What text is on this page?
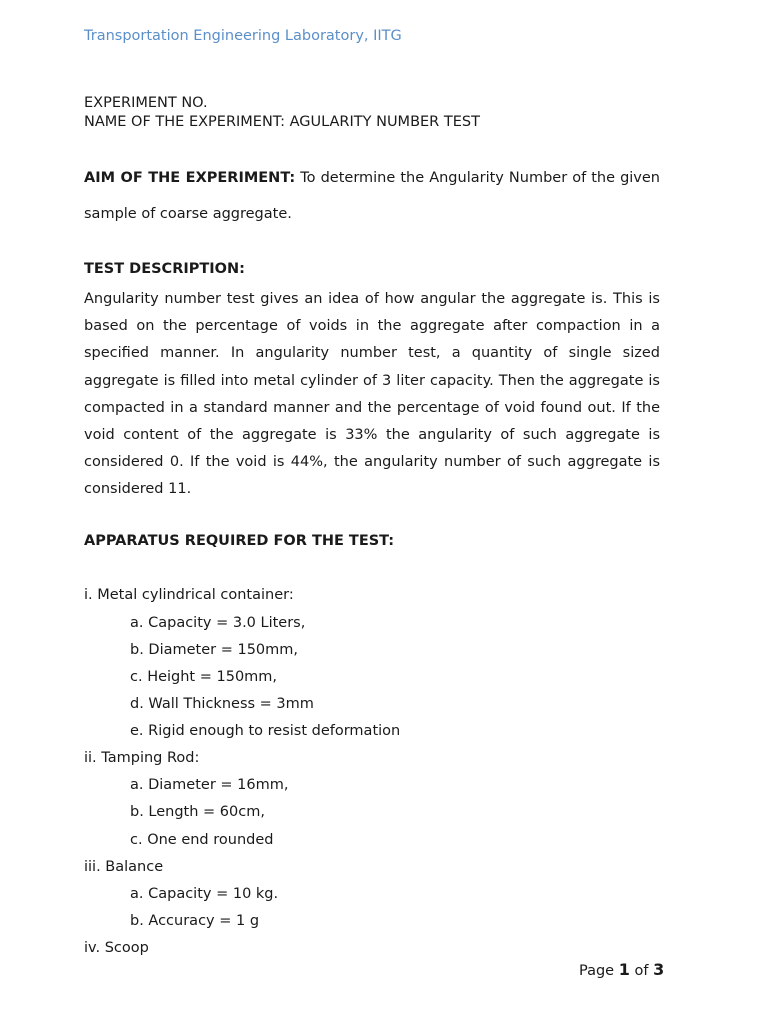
Transportation Engineering Laboratory, IITG
EXPERIMENT NO.
NAME OF THE EXPERIMENT: AGULARITY NUMBER TEST
AIM OF THE EXPERIMENT: To determine the Angularity Number of the given sample of coarse aggregate.
TEST DESCRIPTION:
Angularity number test gives an idea of how angular the aggregate is. This is based on the percentage of voids in the aggregate after compaction in a specified manner. In angularity number test, a quantity of single sized aggregate is filled into metal cylinder of 3 liter capacity. Then the aggregate is compacted in a standard manner and the percentage of void found out. If the void content of the aggregate is 33% the angularity of such aggregate is considered 0. If the void is 44%, the angularity number of such aggregate is considered 11.
APPARATUS REQUIRED FOR THE TEST:
i. Metal cylindrical container:
a. Capacity = 3.0 Liters,
b. Diameter = 150mm,
c. Height = 150mm,
d. Wall Thickness = 3mm
e. Rigid enough to resist deformation
ii. Tamping Rod:
a. Diameter = 16mm,
b. Length = 60cm,
c. One end rounded
iii. Balance
a. Capacity = 10 kg.
b. Accuracy = 1 g
iv. Scoop
Page 1 of 3
